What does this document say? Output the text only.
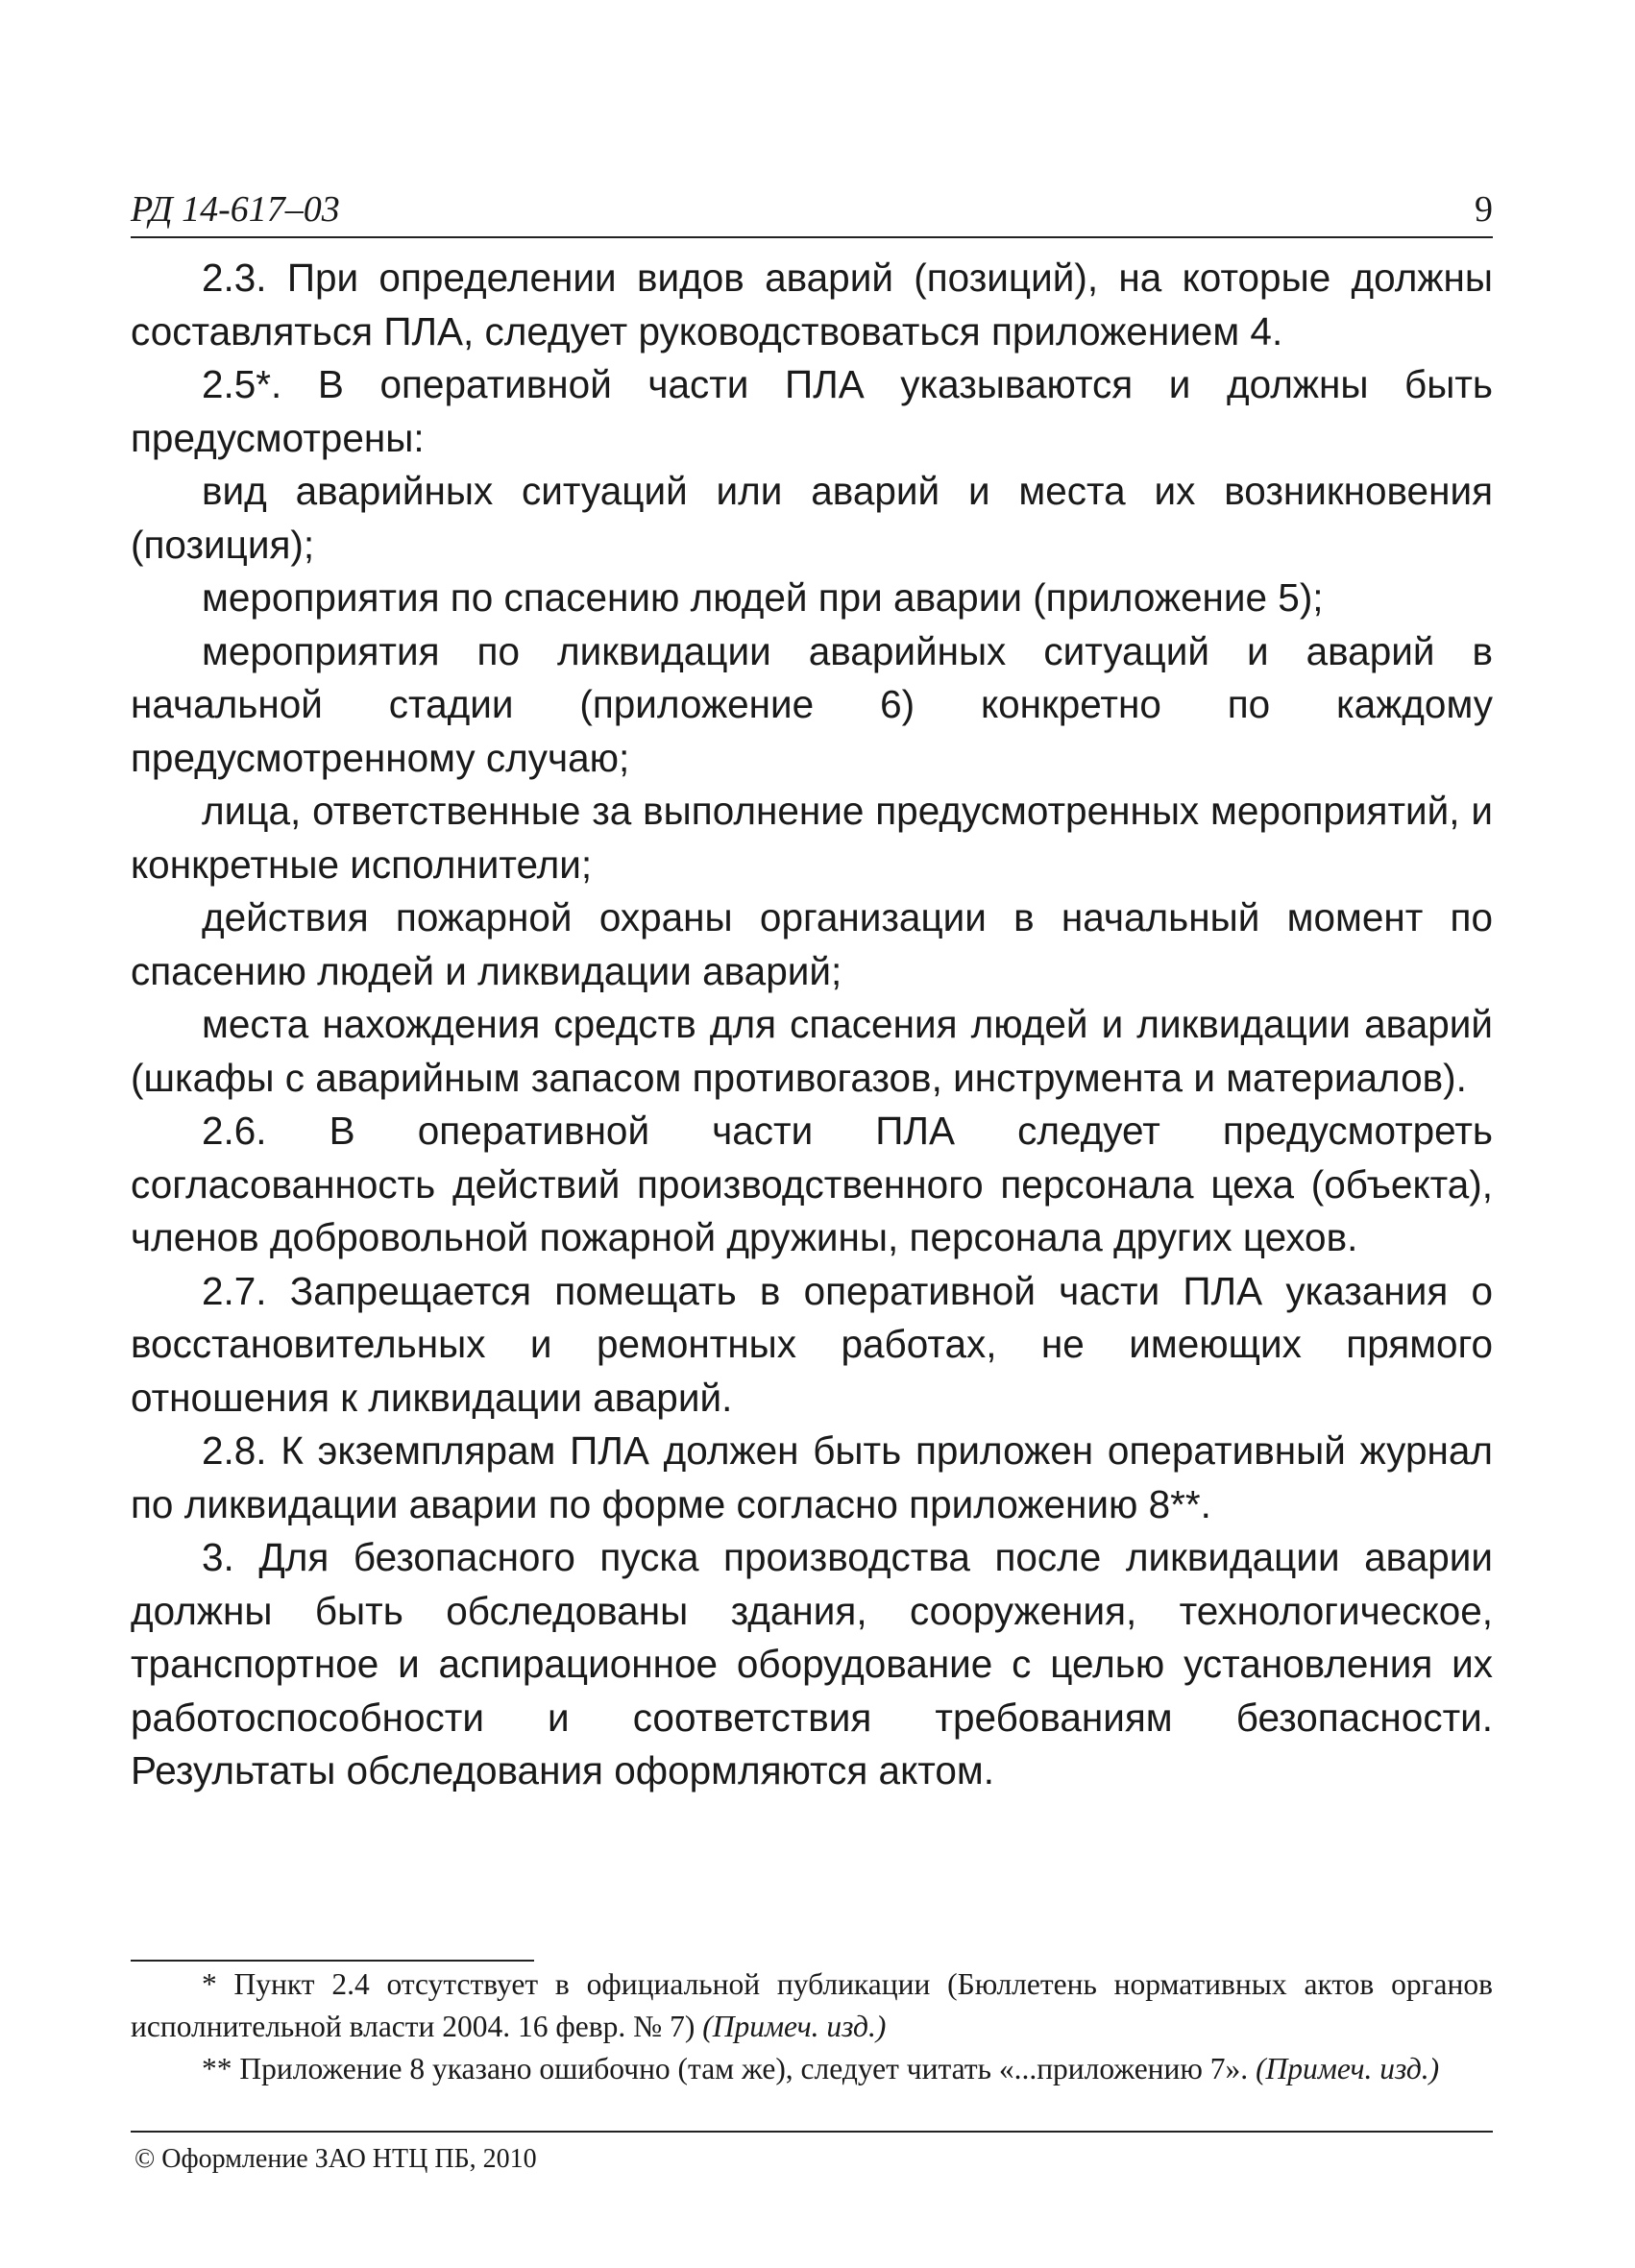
РД 14-617–03	9

2.3. При определении видов аварий (позиций), на которые должны составляться ПЛА, следует руководствоваться приложением 4.

2.5*. В оперативной части ПЛА указываются и должны быть предусмотрены:

вид аварийных ситуаций или аварий и места их возникновения (позиция);

мероприятия по спасению людей при аварии (приложение 5);

мероприятия по ликвидации аварийных ситуаций и аварий в начальной стадии (приложение 6) конкретно по каждому предусмотренному случаю;

лица, ответственные за выполнение предусмотренных мероприятий, и конкретные исполнители;

действия пожарной охраны организации в начальный момент по спасению людей и ликвидации аварий;

места нахождения средств для спасения людей и ликвидации аварий (шкафы с аварийным запасом противогазов, инструмента и материалов).

2.6. В оперативной части ПЛА следует предусмотреть согласованность действий производственного персонала цеха (объекта), членов добровольной пожарной дружины, персонала других цехов.

2.7. Запрещается помещать в оперативной части ПЛА указания о восстановительных и ремонтных работах, не имеющих прямого отношения к ликвидации аварий.

2.8. К экземплярам ПЛА должен быть приложен оперативный журнал по ликвидации аварии по форме согласно приложению 8**.

3. Для безопасного пуска производства после ликвидации аварии должны быть обследованы здания, сооружения, технологическое, транспортное и аспирационное оборудование с целью установления их работоспособности и соответствия требованиям безопасности. Результаты обследования оформляются актом.

* Пункт 2.4 отсутствует в официальной публикации (Бюллетень нормативных актов органов исполнительной власти 2004. 16 февр. № 7) (Примеч. изд.)

** Приложение 8 указано ошибочно (там же), следует читать «...приложению 7». (Примеч. изд.)

© Оформление ЗАО НТЦ ПБ, 2010
